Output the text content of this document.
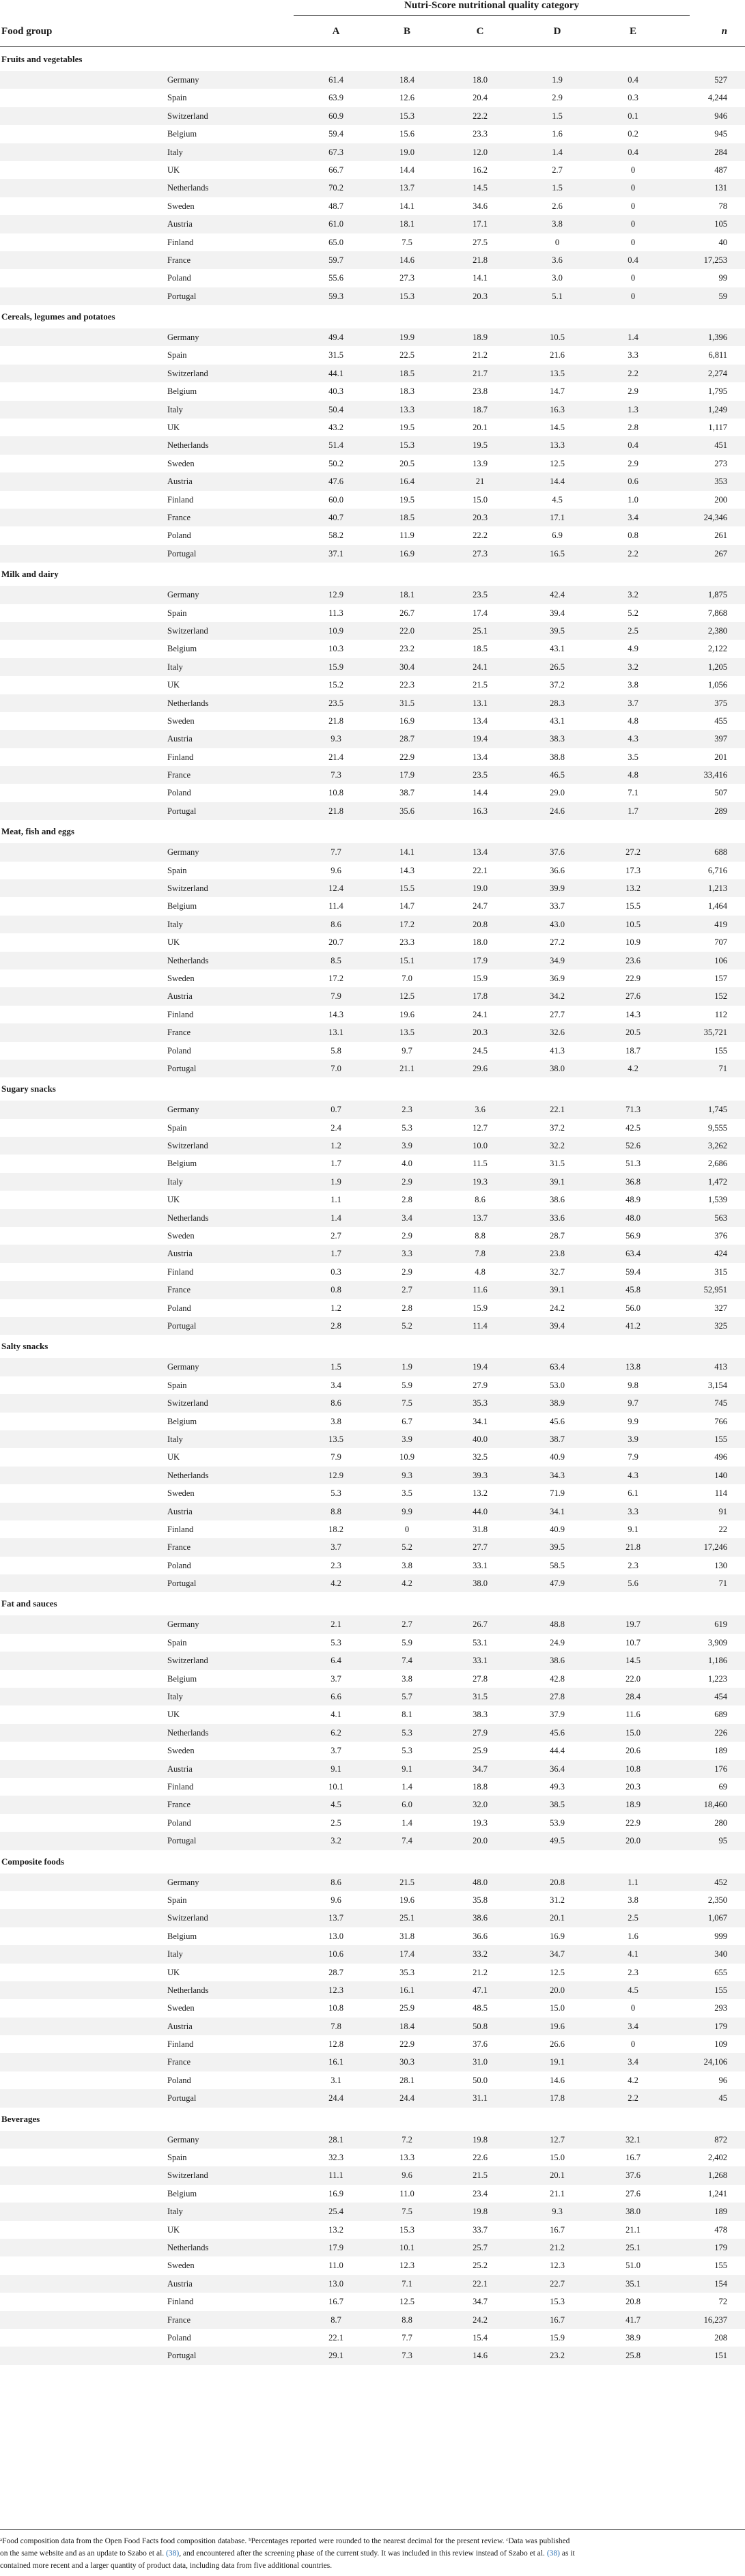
Nutri-Score nutritional quality category
Food group	A	B	C	D	E	n
Fruits and vegetables
Germany	61.4	18.4	18.0	1.9	0.4	527
Spain	63.9	12.6	20.4	2.9	0.3	4,244
Switzerland	60.9	15.3	22.2	1.5	0.1	946
Belgium	59.4	15.6	23.3	1.6	0.2	945
Italy	67.3	19.0	12.0	1.4	0.4	284
UK	66.7	14.4	16.2	2.7	0	487
Netherlands	70.2	13.7	14.5	1.5	0	131
Sweden	48.7	14.1	34.6	2.6	0	78
Austria	61.0	18.1	17.1	3.8	0	105
Finland	65.0	7.5	27.5	0	0	40
France	59.7	14.6	21.8	3.6	0.4	17,253
Poland	55.6	27.3	14.1	3.0	0	99
Portugal	59.3	15.3	20.3	5.1	0	59
Cereals, legumes and potatoes
Germany	49.4	19.9	18.9	10.5	1.4	1,396
Spain	31.5	22.5	21.2	21.6	3.3	6,811
Switzerland	44.1	18.5	21.7	13.5	2.2	2,274
Belgium	40.3	18.3	23.8	14.7	2.9	1,795
Italy	50.4	13.3	18.7	16.3	1.3	1,249
UK	43.2	19.5	20.1	14.5	2.8	1,117
Netherlands	51.4	15.3	19.5	13.3	0.4	451
Sweden	50.2	20.5	13.9	12.5	2.9	273
Austria	47.6	16.4	21	14.4	0.6	353
Finland	60.0	19.5	15.0	4.5	1.0	200
France	40.7	18.5	20.3	17.1	3.4	24,346
Poland	58.2	11.9	22.2	6.9	0.8	261
Portugal	37.1	16.9	27.3	16.5	2.2	267
Milk and dairy
Germany	12.9	18.1	23.5	42.4	3.2	1,875
Spain	11.3	26.7	17.4	39.4	5.2	7,868
Switzerland	10.9	22.0	25.1	39.5	2.5	2,380
Belgium	10.3	23.2	18.5	43.1	4.9	2,122
Italy	15.9	30.4	24.1	26.5	3.2	1,205
UK	15.2	22.3	21.5	37.2	3.8	1,056
Netherlands	23.5	31.5	13.1	28.3	3.7	375
Sweden	21.8	16.9	13.4	43.1	4.8	455
Austria	9.3	28.7	19.4	38.3	4.3	397
Finland	21.4	22.9	13.4	38.8	3.5	201
France	7.3	17.9	23.5	46.5	4.8	33,416
Poland	10.8	38.7	14.4	29.0	7.1	507
Portugal	21.8	35.6	16.3	24.6	1.7	289
Meat, fish and eggs
Germany	7.7	14.1	13.4	37.6	27.2	688
Spain	9.6	14.3	22.1	36.6	17.3	6,716
Switzerland	12.4	15.5	19.0	39.9	13.2	1,213
Belgium	11.4	14.7	24.7	33.7	15.5	1,464
Italy	8.6	17.2	20.8	43.0	10.5	419
UK	20.7	23.3	18.0	27.2	10.9	707
Netherlands	8.5	15.1	17.9	34.9	23.6	106
Sweden	17.2	7.0	15.9	36.9	22.9	157
Austria	7.9	12.5	17.8	34.2	27.6	152
Finland	14.3	19.6	24.1	27.7	14.3	112
France	13.1	13.5	20.3	32.6	20.5	35,721
Poland	5.8	9.7	24.5	41.3	18.7	155
Portugal	7.0	21.1	29.6	38.0	4.2	71
Sugary snacks
Germany	0.7	2.3	3.6	22.1	71.3	1,745
Spain	2.4	5.3	12.7	37.2	42.5	9,555
Switzerland	1.2	3.9	10.0	32.2	52.6	3,262
Belgium	1.7	4.0	11.5	31.5	51.3	2,686
Italy	1.9	2.9	19.3	39.1	36.8	1,472
UK	1.1	2.8	8.6	38.6	48.9	1,539
Netherlands	1.4	3.4	13.7	33.6	48.0	563
Sweden	2.7	2.9	8.8	28.7	56.9	376
Austria	1.7	3.3	7.8	23.8	63.4	424
Finland	0.3	2.9	4.8	32.7	59.4	315
France	0.8	2.7	11.6	39.1	45.8	52,951
Poland	1.2	2.8	15.9	24.2	56.0	327
Portugal	2.8	5.2	11.4	39.4	41.2	325
Salty snacks
Germany	1.5	1.9	19.4	63.4	13.8	413
Spain	3.4	5.9	27.9	53.0	9.8	3,154
Switzerland	8.6	7.5	35.3	38.9	9.7	745
Belgium	3.8	6.7	34.1	45.6	9.9	766
Italy	13.5	3.9	40.0	38.7	3.9	155
UK	7.9	10.9	32.5	40.9	7.9	496
Netherlands	12.9	9.3	39.3	34.3	4.3	140
Sweden	5.3	3.5	13.2	71.9	6.1	114
Austria	8.8	9.9	44.0	34.1	3.3	91
Finland	18.2	0	31.8	40.9	9.1	22
France	3.7	5.2	27.7	39.5	21.8	17,246
Poland	2.3	3.8	33.1	58.5	2.3	130
Portugal	4.2	4.2	38.0	47.9	5.6	71
Fat and sauces
Germany	2.1	2.7	26.7	48.8	19.7	619
Spain	5.3	5.9	53.1	24.9	10.7	3,909
Switzerland	6.4	7.4	33.1	38.6	14.5	1,186
Belgium	3.7	3.8	27.8	42.8	22.0	1,223
Italy	6.6	5.7	31.5	27.8	28.4	454
UK	4.1	8.1	38.3	37.9	11.6	689
Netherlands	6.2	5.3	27.9	45.6	15.0	226
Sweden	3.7	5.3	25.9	44.4	20.6	189
Austria	9.1	9.1	34.7	36.4	10.8	176
Finland	10.1	1.4	18.8	49.3	20.3	69
France	4.5	6.0	32.0	38.5	18.9	18,460
Poland	2.5	1.4	19.3	53.9	22.9	280
Portugal	3.2	7.4	20.0	49.5	20.0	95
Composite foods
Germany	8.6	21.5	48.0	20.8	1.1	452
Spain	9.6	19.6	35.8	31.2	3.8	2,350
Switzerland	13.7	25.1	38.6	20.1	2.5	1,067
Belgium	13.0	31.8	36.6	16.9	1.6	999
Italy	10.6	17.4	33.2	34.7	4.1	340
UK	28.7	35.3	21.2	12.5	2.3	655
Netherlands	12.3	16.1	47.1	20.0	4.5	155
Sweden	10.8	25.9	48.5	15.0	0	293
Austria	7.8	18.4	50.8	19.6	3.4	179
Finland	12.8	22.9	37.6	26.6	0	109
France	16.1	30.3	31.0	19.1	3.4	24,106
Poland	3.1	28.1	50.0	14.6	4.2	96
Portugal	24.4	24.4	31.1	17.8	2.2	45
Beverages
Germany	28.1	7.2	19.8	12.7	32.1	872
Spain	32.3	13.3	22.6	15.0	16.7	2,402
Switzerland	11.1	9.6	21.5	20.1	37.6	1,268
Belgium	16.9	11.0	23.4	21.1	27.6	1,241
Italy	25.4	7.5	19.8	9.3	38.0	189
UK	13.2	15.3	33.7	16.7	21.1	478
Netherlands	17.9	10.1	25.7	21.2	25.1	179
Sweden	11.0	12.3	25.2	12.3	51.0	155
Austria	13.0	7.1	22.1	22.7	35.1	154
Finland	16.7	12.5	34.7	15.3	20.8	72
France	8.7	8.8	24.2	16.7	41.7	16,237
Poland	22.1	7.7	15.4	15.9	38.9	208
Portugal	29.1	7.3	14.6	23.2	25.8	151
ᵃFood composition data from the Open Food Facts food composition database. ᵇPercentages reported were rounded to the nearest decimal for the present review. ᶜData was published
on the same website and as an update to Szabo et al. (38), and encountered after the screening phase of the current study. It was included in this review instead of Szabo et al. (38) as it
contained more recent and a larger quantity of product data, including data from five additional countries.
